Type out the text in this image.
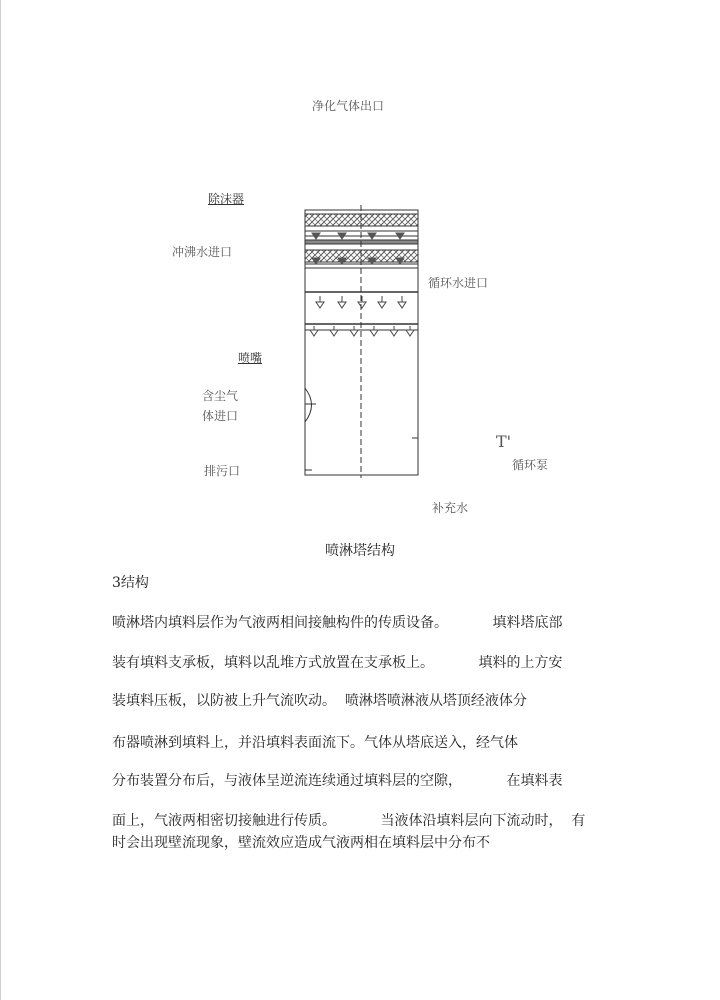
净化气体出口
除沫器
冲沸水进口
循环水进口
喷嘴
含尘气
体进口
T'
循环泵
排污口
补充水
喷淋塔结构
3结构
喷淋塔内填料层作为气液两相间接触构件的传质设备。          填料塔底部
装有填料支承板，填料以乱堆方式放置在支承板上。          填料的上方安
装填料压板，以防被上升气流吹动。  喷淋塔喷淋液从塔顶经液体分
布器喷淋到填料上，并沿填料表面流下。气体从塔底送入，经气体
分布装置分布后，与液体呈逆流连续通过填料层的空隙，          在填料表
面上，气液两相密切接触进行传质。          当液体沿填料层向下流动时，  有
时会出现壁流现象，壁流效应造成气液两相在填料层中分布不
